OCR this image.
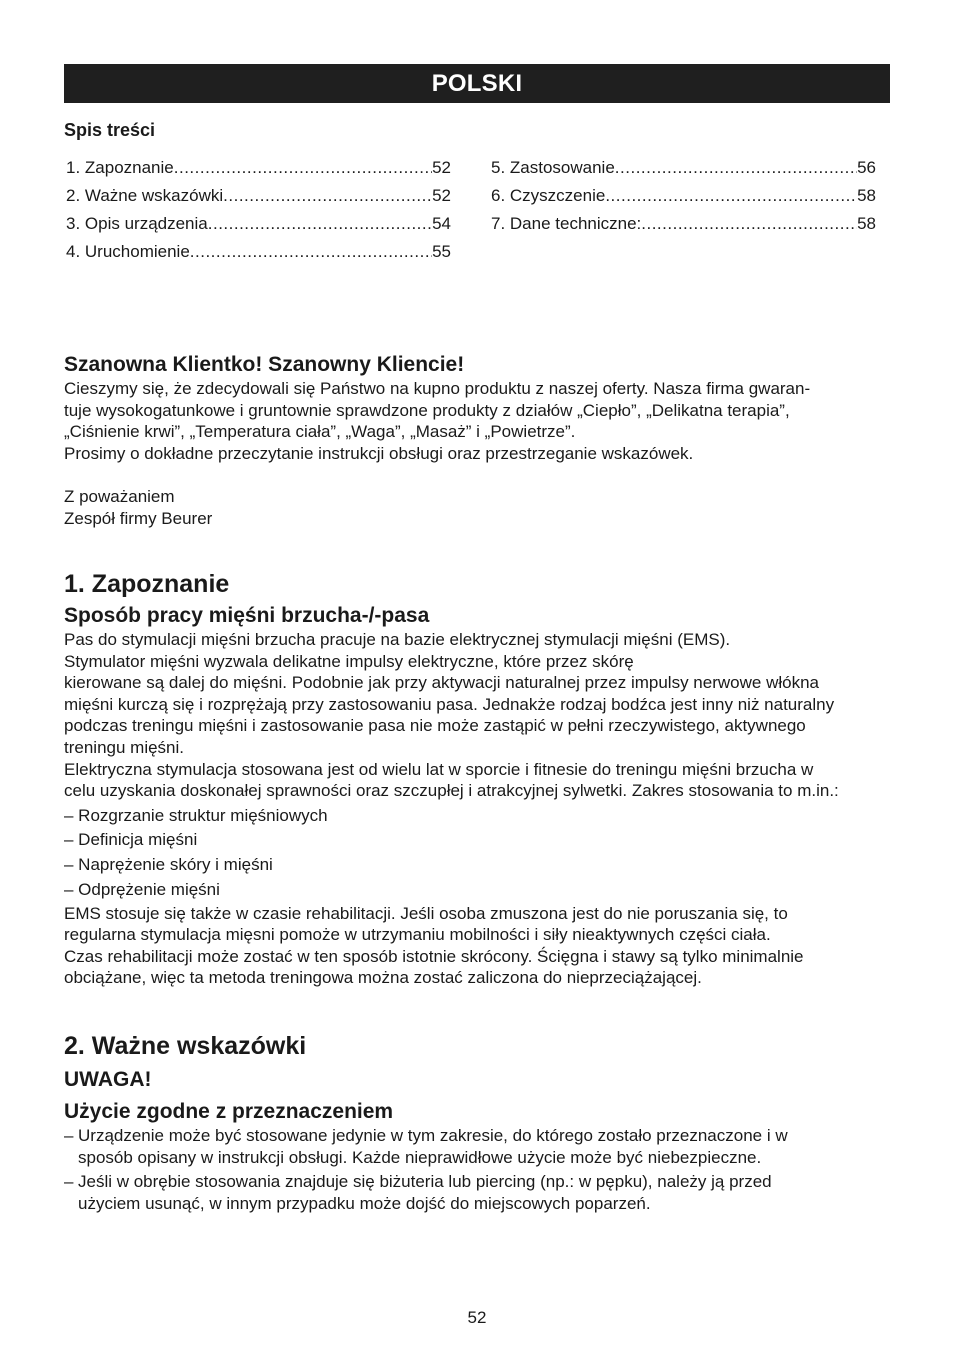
POLSKI
Spis treści
1. Zapoznanie .....	52
2. Ważne wskazówki .....	52
3. Opis urządzenia .....	54
4. Uruchomienie .....	55
5. Zastosowanie .....	56
6. Czyszczenie .....	58
7. Dane techniczne: .....	58
Szanowna Klientko! Szanowny Kliencie!

Cieszymy się, że zdecydowali się Państwo na kupno produktu z naszej oferty. Nasza firma gwaran-

tuje wysokogatunkowe i gruntownie sprawdzone produkty z działów „Ciepło”, „Delikatna terapia”,

„Ciśnienie krwi”, „Temperatura ciała”, „Waga”, „Masaż” i „Powietrze”.

Prosimy o dokładne przeczytanie instrukcji obsługi oraz przestrzeganie wskazówek.

Z poważaniem

Zespół firmy Beurer

1. Zapoznanie
Sposób pracy mięśni brzucha-/-pasa

Pas do stymulacji mięśni brzucha pracuje na bazie elektrycznej stymulacji mięśni (EMS).

Stymulator mięśni wyzwala delikatne impulsy elektryczne, które przez skórę

kierowane są dalej do mięśni. Podobnie jak przy aktywacji naturalnej przez impulsy nerwowe włókna

mięśni kurczą się i rozprężają przy zastosowaniu pasa. Jednakże rodzaj bodźca jest inny niż naturalny

podczas treningu mięśni i zastosowanie pasa nie może zastąpić w pełni rzeczywistego, aktywnego

treningu mięśni.

Elektryczna stymulacja stosowana jest od wielu lat w sporcie i fitnesie do treningu mięśni brzucha w

celu uzyskania doskonałej sprawności oraz szczupłej i atrakcyjnej sylwetki. Zakres stosowania to m.in.:

– Rozgrzanie struktur mięśniowych

– Definicja mięśni

– Naprężenie skóry i mięśni

– Odprężenie mięśni

EMS stosuje się także w czasie rehabilitacji. Jeśli osoba zmuszona jest do nie poruszania się, to

regularna stymulacja mięsni pomoże w utrzymaniu mobilności i siły nieaktywnych części ciała.

Czas rehabilitacji może zostać w ten sposób istotnie skrócony. Ścięgna i stawy są tylko minimalnie

obciążane, więc ta metoda treningowa można zostać zaliczona do nieprzeciążającej.

2. Ważne wskazówki
UWAGA!
Użycie zgodne z przeznaczeniem
– Urządzenie może być stosowane jedynie w tym zakresie, do którego zostało przeznaczone i w
sposób opisany w instrukcji obsługi. Każde nieprawidłowe użycie może być niebezpieczne.
– Jeśli w obrębie stosowania znajduje się biżuteria lub piercing (np.: w pępku), należy ją przed
użyciem usunąć, w innym przypadku może dojść do miejscowych poparzeń.
52
